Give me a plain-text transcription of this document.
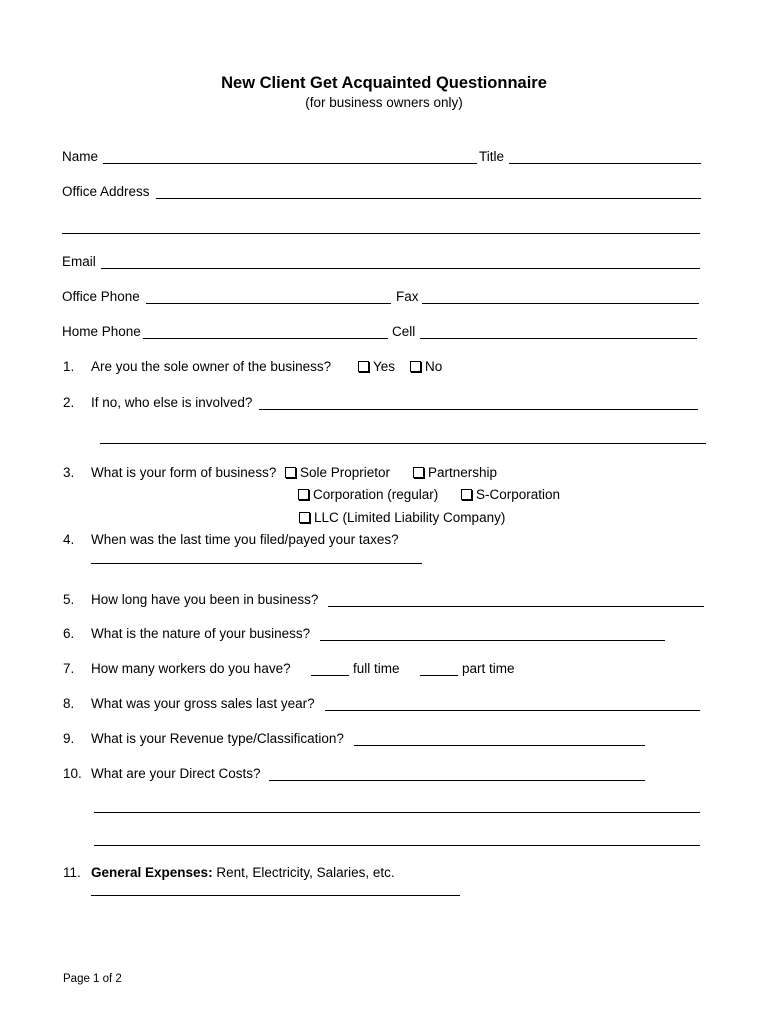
New Client Get Acquainted Questionnaire
(for business owners only)
Name	Title
Office Address
Email
Office Phone	Fax
Home Phone	Cell
1. Are you the sole owner of the business?	Yes	No
2. If no, who else is involved?
3. What is your form of business?	Sole Proprietor	Partnership
Corporation (regular)	S-Corporation
LLC (Limited Liability Company)
4. When was the last time you filed/payed your taxes?
5. How long have you been in business?
6. What is the nature of your business?
7. How many workers do you have?	full time	part time
8. What was your gross sales last year?
9. What is your Revenue type/Classification?
10. What are your Direct Costs?
11. General Expenses: Rent, Electricity, Salaries, etc.
Page 1 of 2
